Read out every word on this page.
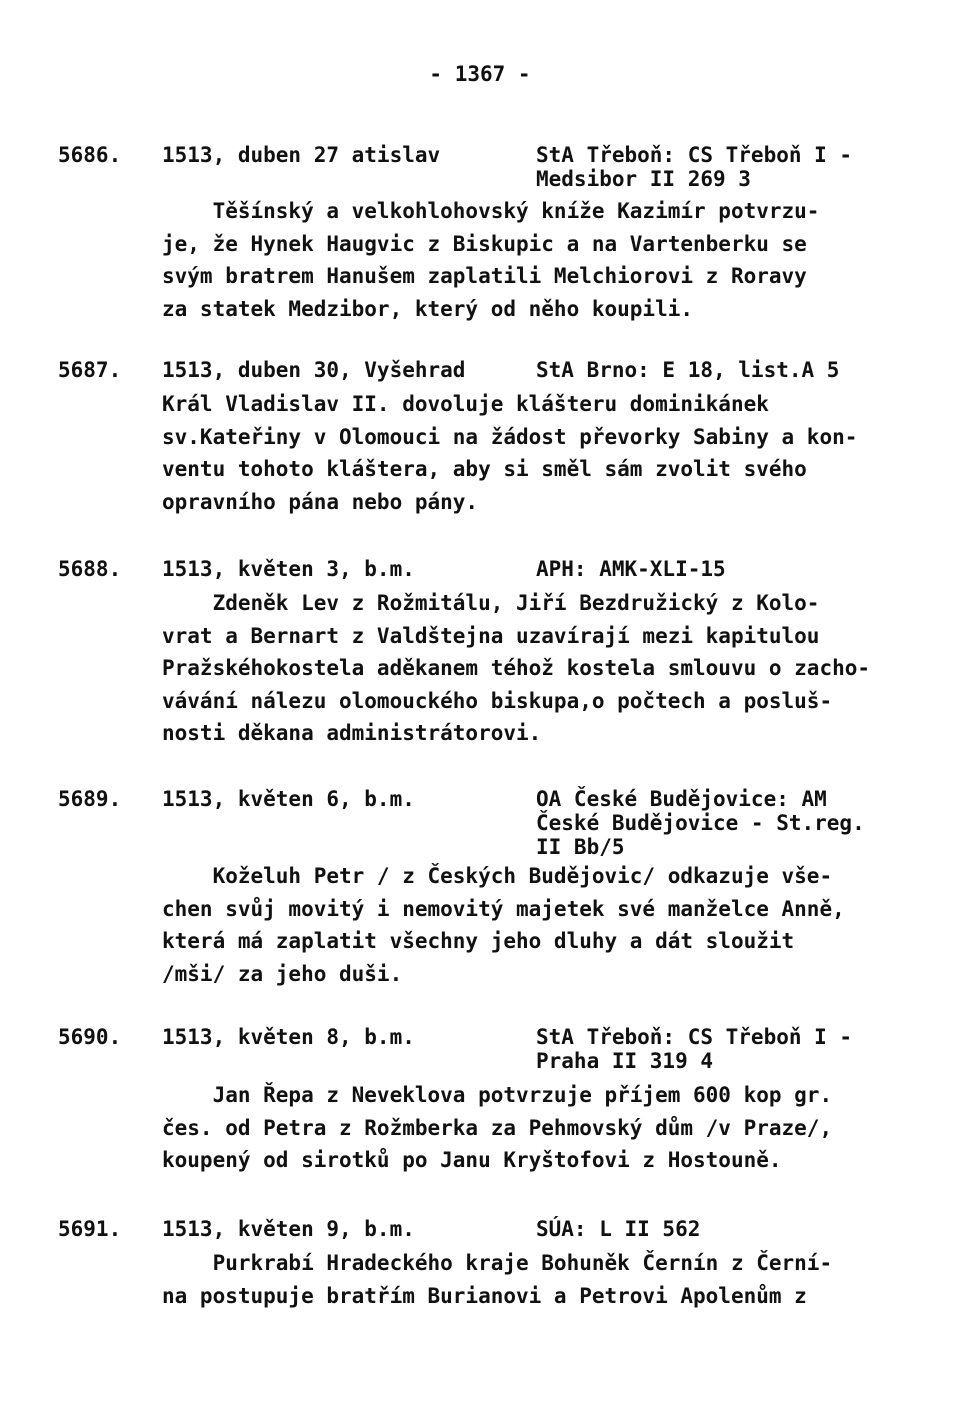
- 1367 -
5686. 1513, duben 27 atislav	StA Třeboň: CS Třeboň I -
Medsibor II 269 3
Těšínský a velkohlohovský kníže Kazimír potvrzu-
je, že Hynek Haugvic z Biskupic a na Vartenberku se
svým bratrem Hanušem zaplatili Melchiorovi z Roravy
za statek Medzibor, který od něho koupili.
5687. 1513, duben 30, Vyšehrad	StA Brno: E 18, list.A 5
Král Vladislav II. dovoluje klášteru dominikánek
sv.Kateřiny v Olomouci na žádost převorky Sabiny a kon-
ventu tohoto kláštera, aby si směl sám zvolit svého
opravního pána nebo pány.
5688. 1513, květen 3, b.m.	APH: AMK-XLI-15
Zdeněk Lev z Rožmitálu, Jiří Bezdružický z Kolo-
vrat a Bernart z Valdštejna uzavírají mezi kapitulou
Pražskéhokostela aděkanem téhož kostela smlouvu o zacho-
vávání nálezu olomouckého biskupa,o počtech a posluš-
nosti děkana administrátorovi.
5689. 1513, květen 6, b.m.	OA České Budějovice: AM
České Budějovice - St.reg.
II Bb/5
Koželuh Petr / z Českých Budějovic/ odkazuje vše-
chen svůj movitý i nemovitý majetek své manželce Anně,
která má zaplatit všechny jeho dluhy a dát sloužit
/mši/ za jeho duši.
5690. 1513, květen 8, b.m.	StA Třeboň: CS Třeboň I -
Praha II 319 4
Jan Řepa z Neveklova potvrzuje příjem 600 kop gr.
čes. od Petra z Rožmberka za Pehmovský dům /v Praze/,
koupený od sirotků po Janu Kryštofovi z Hostouně.
5691. 1513, květen 9, b.m.	SÚA: L II 562
Purkrabí Hradeckého kraje Bohuněk Černín z Černí-
na postupuje bratřím Burianovi a Petrovi Apolenům z
